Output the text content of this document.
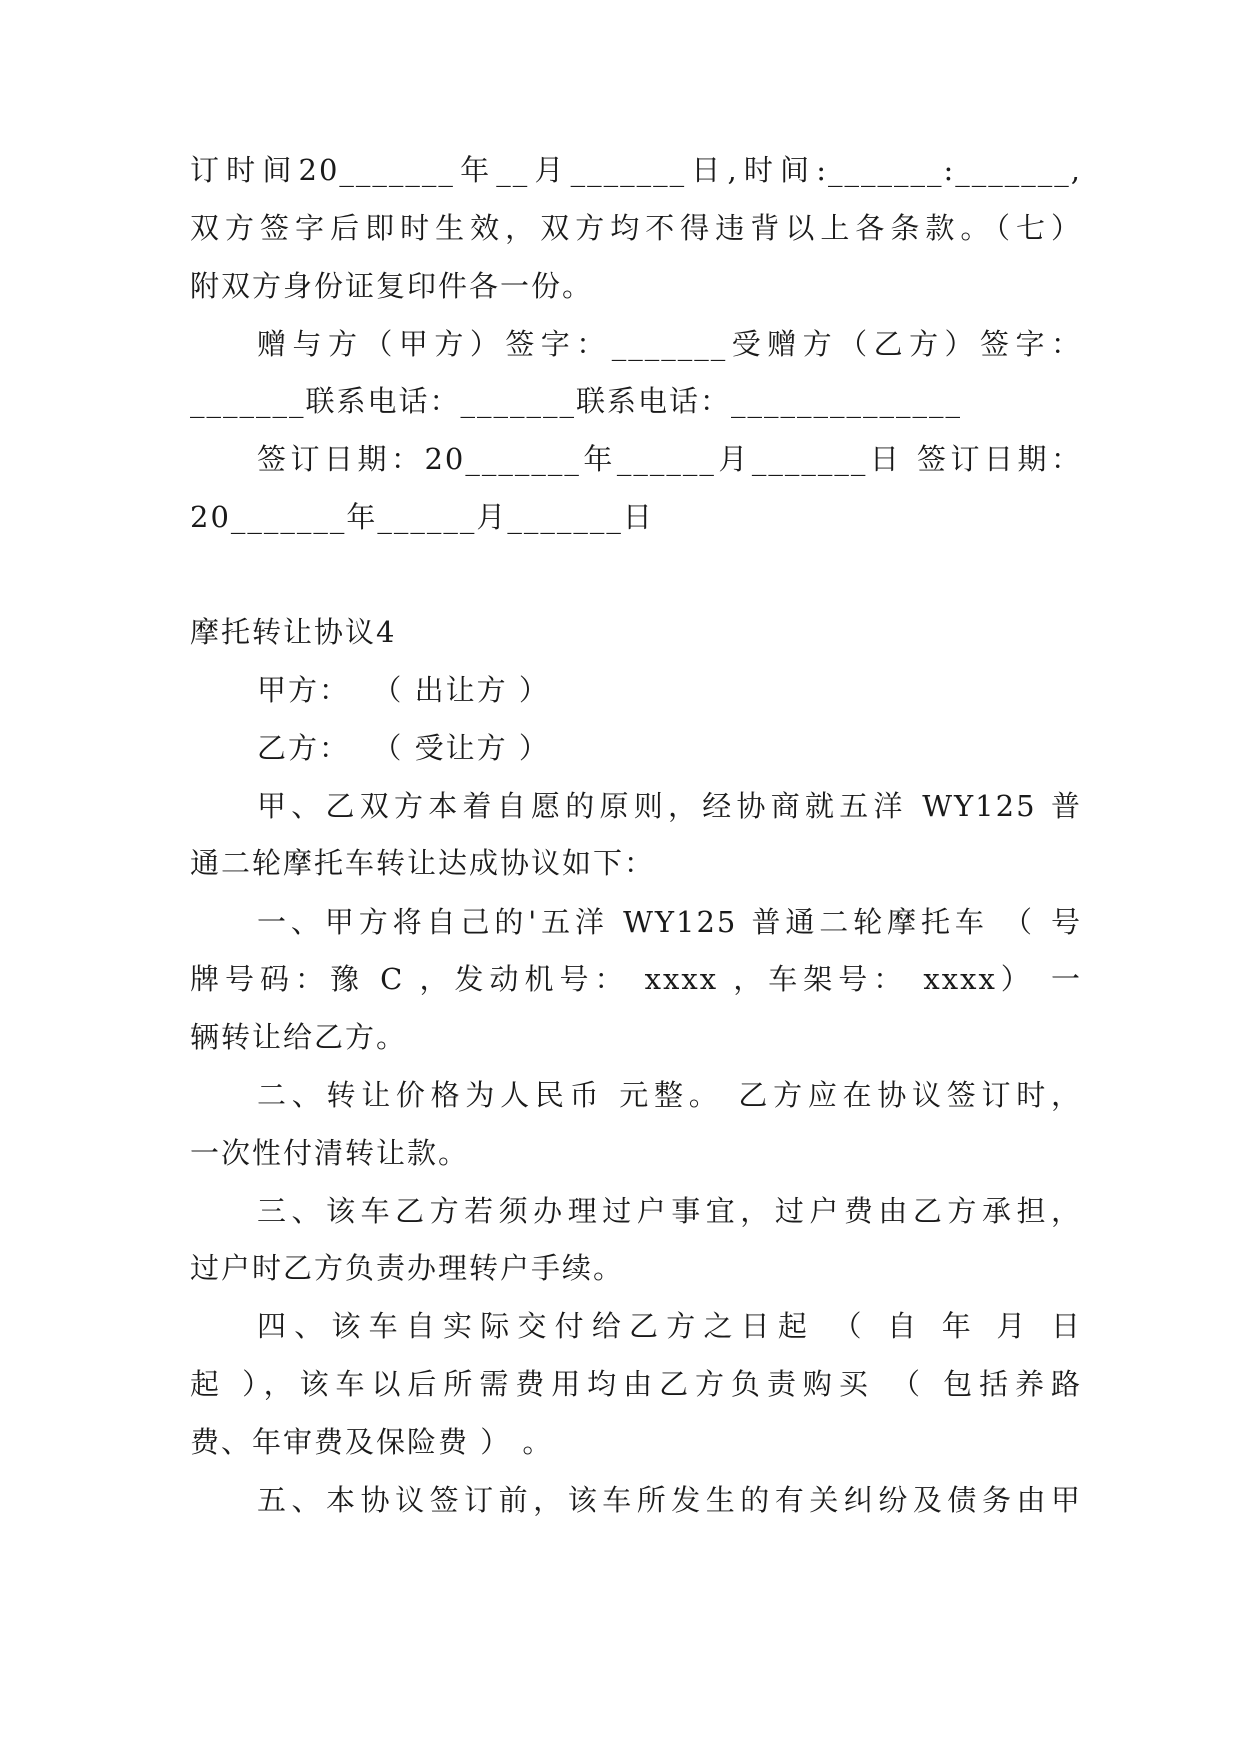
订时间20_______年__月_______日,时间:_______:_______,
双方签字后即时生效，双方均不得违背以上各条款。（七）
附双方身份证复印件各一份。
赠与方（甲方）签字：_______受赠方（乙方）签字：
_______联系电话：_______联系电话：______________
签订日期：20_______年______月_______日 签订日期：
20_______年______月_______日
摩托转让协议4
甲方：  （ 出让方 ）
乙方：  （ 受让方 ）
甲、乙双方本着自愿的原则，经协商就五洋 WY125 普
通二轮摩托车转让达成协议如下：
一、甲方将自己的'五洋 WY125 普通二轮摩托车 （ 号
牌号码：豫 C ，发动机号： xxxx ，车架号： xxxx） 一
辆转让给乙方。
二、转让价格为人民币 元整。 乙方应在协议签订时，
一次性付清转让款。
三、该车乙方若须办理过户事宜，过户费由乙方承担，
过户时乙方负责办理转户手续。
四、该车自实际交付给乙方之日起 （ 自 年 月 日
起 ），该车以后所需费用均由乙方负责购买 （ 包括养路
费、年审费及保险费 ） 。
五、本协议签订前，该车所发生的有关纠纷及债务由甲
